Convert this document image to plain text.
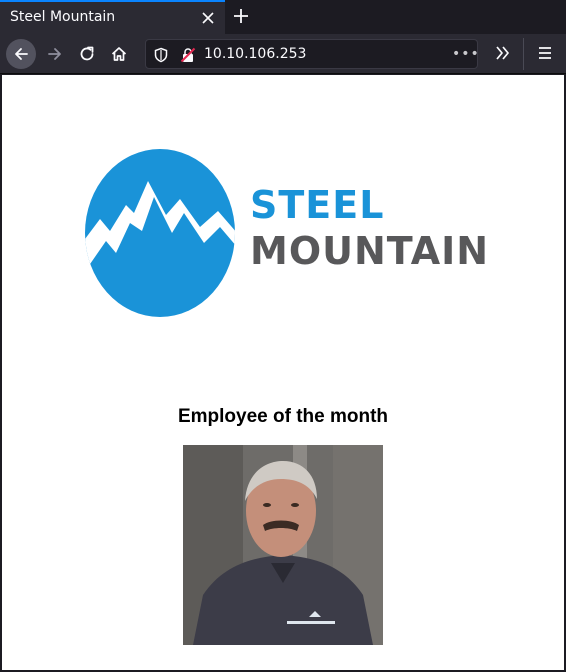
Steel Mountain
10.10.106.253	•••
STEEL
MOUNTAIN
Employee of the month
